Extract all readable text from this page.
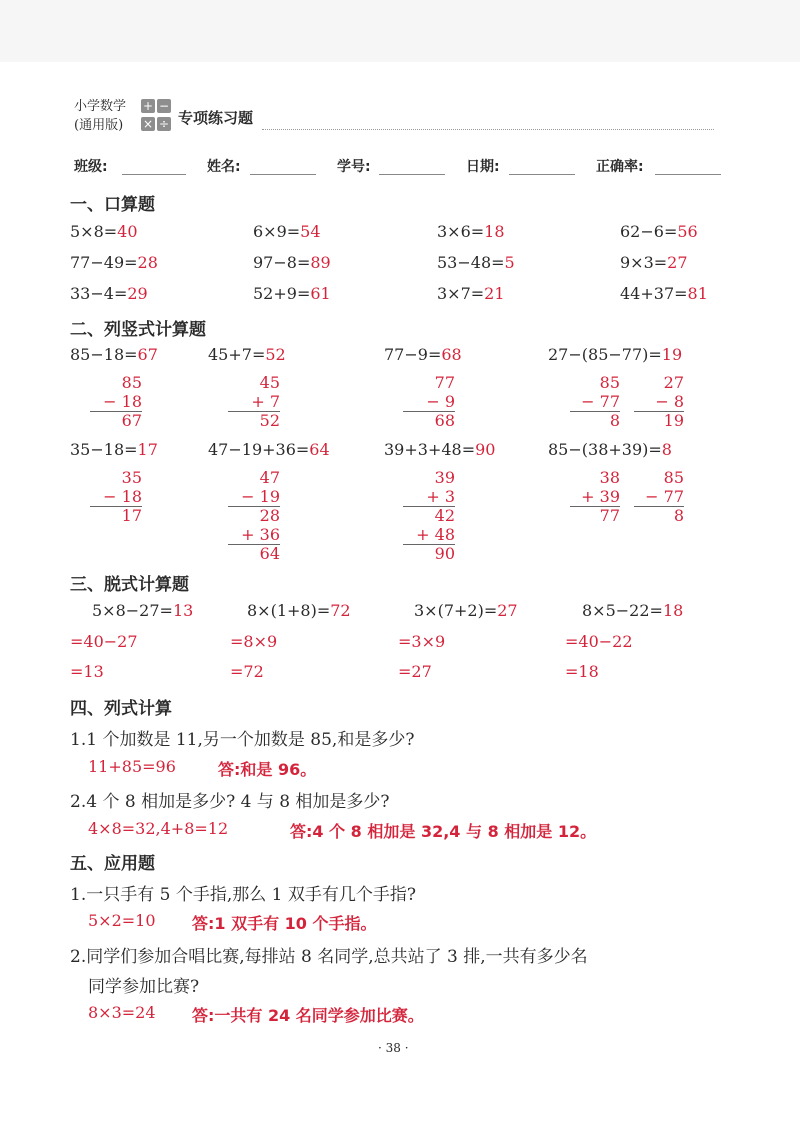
小学数学
(通用版)
+ −
× ÷ 专项练习题
班级:	姓名:	学号:	日期:	正确率:
一、口算题
5×8=40	6×9=54	3×6=18	62−6=56
77−49=28	97−8=89	53−48=5	9×3=27
33−4=29	52+9=61	3×7=21	44+37=81
二、列竖式计算题
85−18=67	45+7=52	77−9=68	27−(85−77)=19
85
− 18
67
45
+ 7
52
77
− 9
68
85
− 77
8
27
− 8
19
35−18=17	47−19+36=64	39+3+48=90	85−(38+39)=8
35
− 18
17
47
− 19
28
+ 36
64
39
+ 3
42
+ 48
90
38
+ 39
77
85
− 77
8
三、脱式计算题
5×8−27=13	8×(1+8)=72	3×(7+2)=27	8×5−22=18
=40−27	=8×9	=3×9	=40−22
=13	=72	=27	=18
四、列式计算
1.1 个加数是 11,另一个加数是 85,和是多少?
11+85=96	答:和是 96。
2.4 个 8 相加是多少? 4 与 8 相加是多少?
4×8=32,4+8=12	答:4 个 8 相加是 32,4 与 8 相加是 12。
五、应用题
1.一只手有 5 个手指,那么 1 双手有几个手指?
5×2=10 答:1 双手有 10 个手指。
2.同学们参加合唱比赛,每排站 8 名同学,总共站了 3 排,一共有多少名
同学参加比赛?
8×3=24 答:一共有 24 名同学参加比赛。
· 38 ·
